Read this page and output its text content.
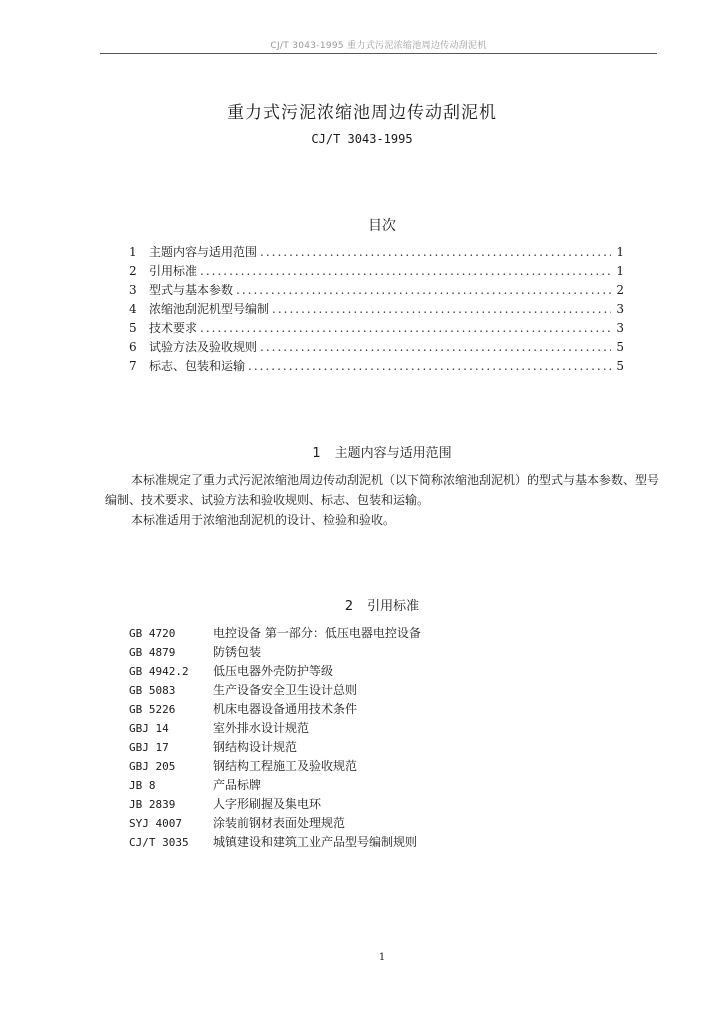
CJ/T 3043-1995 重力式污泥浓缩池周边传动刮泥机
重力式污泥浓缩池周边传动刮泥机
CJ/T 3043-1995
目次
1	主题内容与适用范围 .....	1
2	引用标准 .....	1
3	型式与基本参数 .....	2
4	浓缩池刮泥机型号编制 .....	3
5	技术要求 .....	3
6	试验方法及验收规则 .....	5
7	标志、包装和运输 .....	5
1 主题内容与适用范围

本标准规定了重力式污泥浓缩池周边传动刮泥机（以下简称浓缩池刮泥机）的型式与基本参数、型号编制、技术要求、试验方法和验收规则、标志、包装和运输。

本标准适用于浓缩池刮泥机的设计、检验和验收。

2 引用标准
GB 4720	电控设备 第一部分：低压电器电控设备
GB 4879	防锈包装
GB 4942.2	低压电器外壳防护等级
GB 5083	生产设备安全卫生设计总则
GB 5226	机床电器设备通用技术条件
GBJ 14	室外排水设计规范
GBJ 17	钢结构设计规范
GBJ 205	钢结构工程施工及验收规范
JB 8	产品标牌
JB 2839	人字形刷握及集电环
SYJ 4007	涂装前钢材表面处理规范
CJ/T 3035	城镇建设和建筑工业产品型号编制规则
1
